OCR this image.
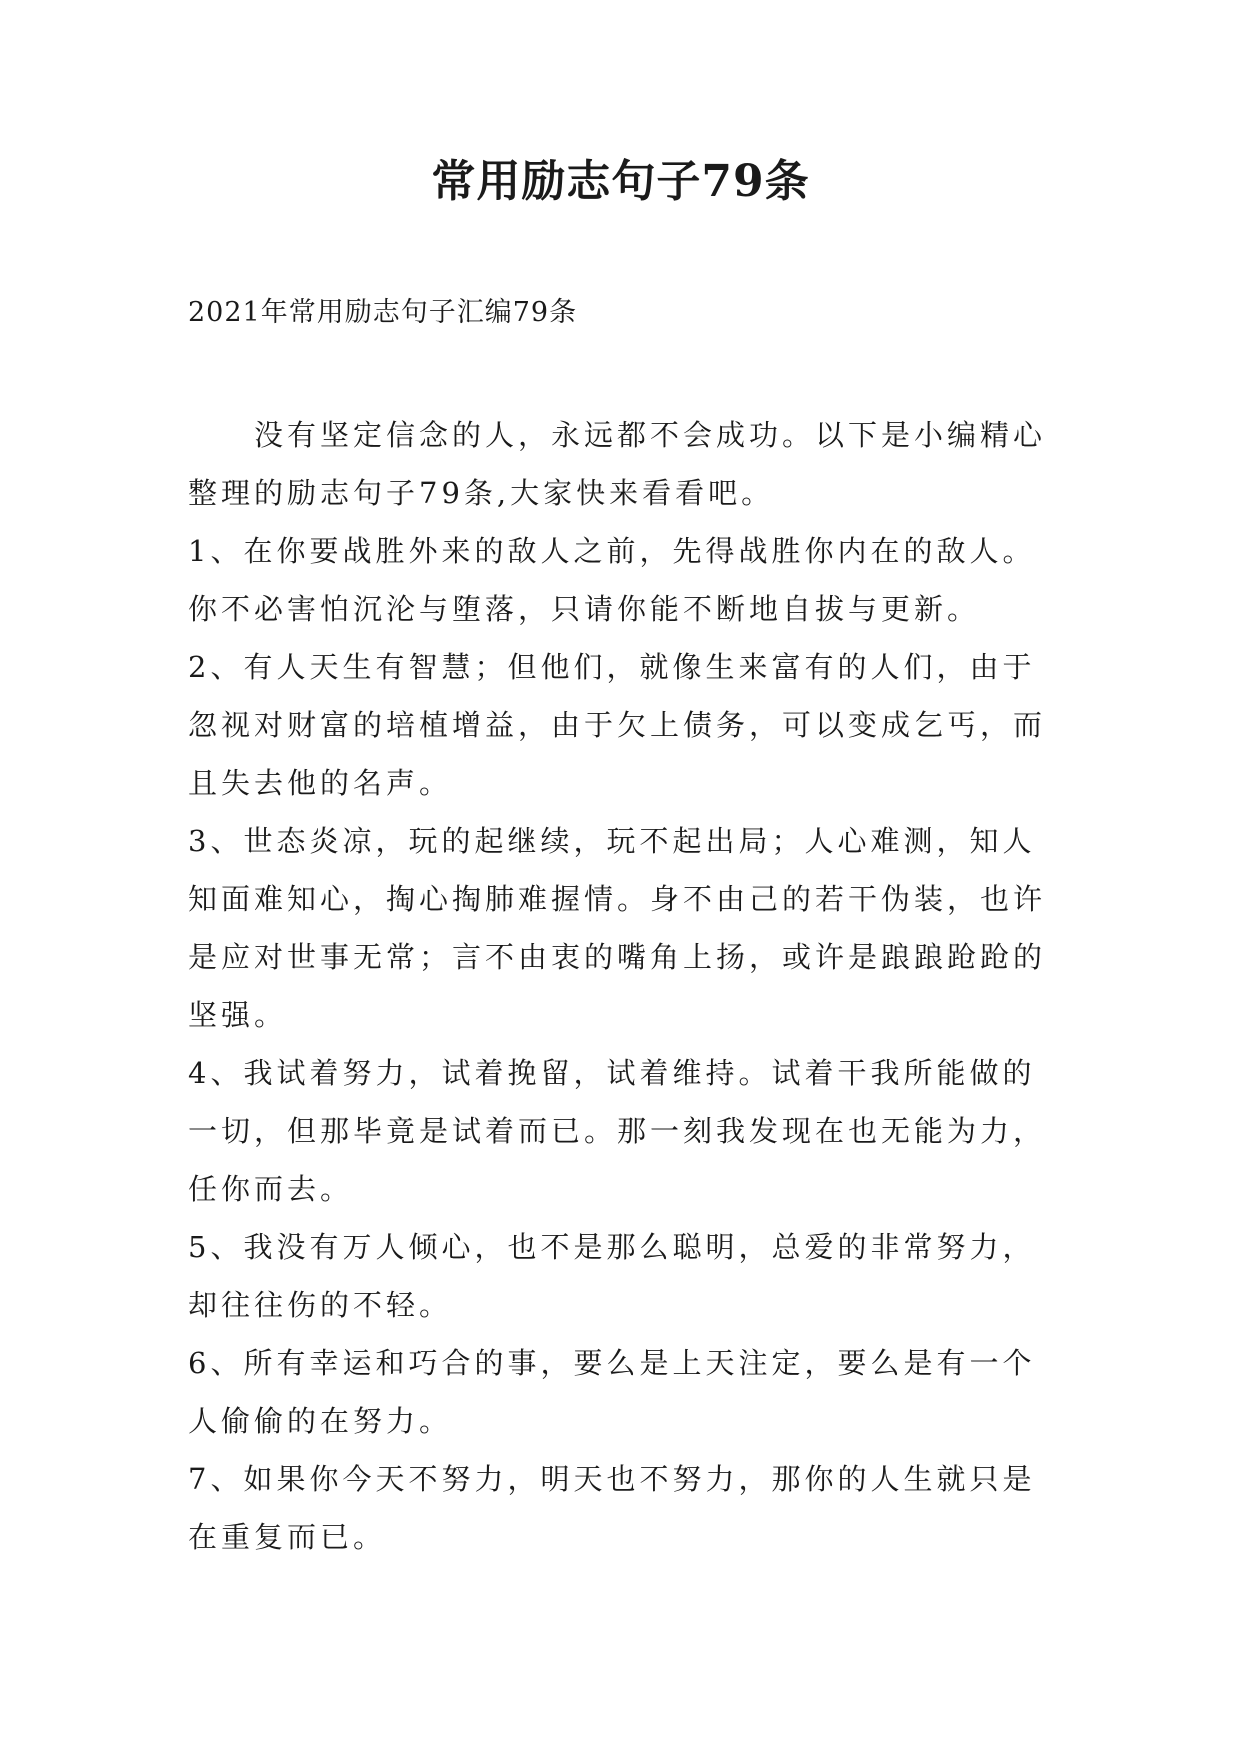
常用励志句子79条
2021年常用励志句子汇编79条

没有坚定信念的人，永远都不会成功。以下是小编精心整理的励志句子79条,大家快来看看吧。

1、在你要战胜外来的敌人之前，先得战胜你内在的敌人。你不必害怕沉沦与堕落，只请你能不断地自拔与更新。

2、有人天生有智慧；但他们，就像生来富有的人们，由于忽视对财富的培植增益，由于欠上债务，可以变成乞丐，而且失去他的名声。

3、世态炎凉，玩的起继续，玩不起出局；人心难测，知人知面难知心，掏心掏肺难握情。身不由己的若干伪装，也许是应对世事无常；言不由衷的嘴角上扬，或许是踉踉跄跄的坚强。

4、我试着努力，试着挽留，试着维持。试着干我所能做的一切，但那毕竟是试着而已。那一刻我发现在也无能为力，任你而去。

5、我没有万人倾心，也不是那么聪明，总爱的非常努力，却往往伤的不轻。

6、所有幸运和巧合的事，要么是上天注定，要么是有一个人偷偷的在努力。

7、如果你今天不努力，明天也不努力，那你的人生就只是在重复而已。
